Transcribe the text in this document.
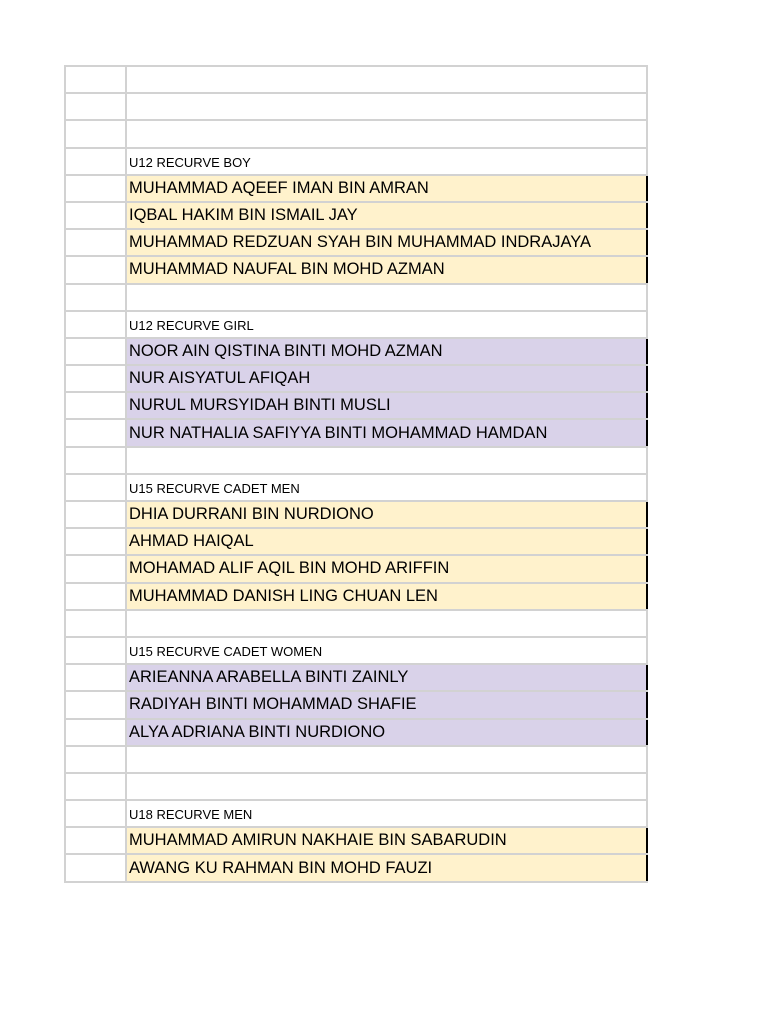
U12 RECURVE BOY
MUHAMMAD AQEEF IMAN BIN AMRAN
IQBAL HAKIM BIN ISMAIL JAY
MUHAMMAD REDZUAN SYAH BIN MUHAMMAD INDRAJAYA
MUHAMMAD NAUFAL BIN MOHD AZMAN
U12 RECURVE GIRL
NOOR AIN QISTINA BINTI MOHD AZMAN
NUR AISYATUL AFIQAH
NURUL MURSYIDAH BINTI MUSLI
NUR NATHALIA SAFIYYA BINTI MOHAMMAD HAMDAN
U15 RECURVE CADET MEN
DHIA DURRANI BIN NURDIONO
AHMAD HAIQAL
MOHAMAD ALIF AQIL BIN MOHD ARIFFIN
MUHAMMAD DANISH LING CHUAN LEN
U15 RECURVE CADET WOMEN
ARIEANNA ARABELLA BINTI ZAINLY
RADIYAH BINTI MOHAMMAD SHAFIE
ALYA ADRIANA BINTI NURDIONO
U18 RECURVE MEN
MUHAMMAD AMIRUN NAKHAIE BIN SABARUDIN
AWANG KU RAHMAN BIN MOHD FAUZI
